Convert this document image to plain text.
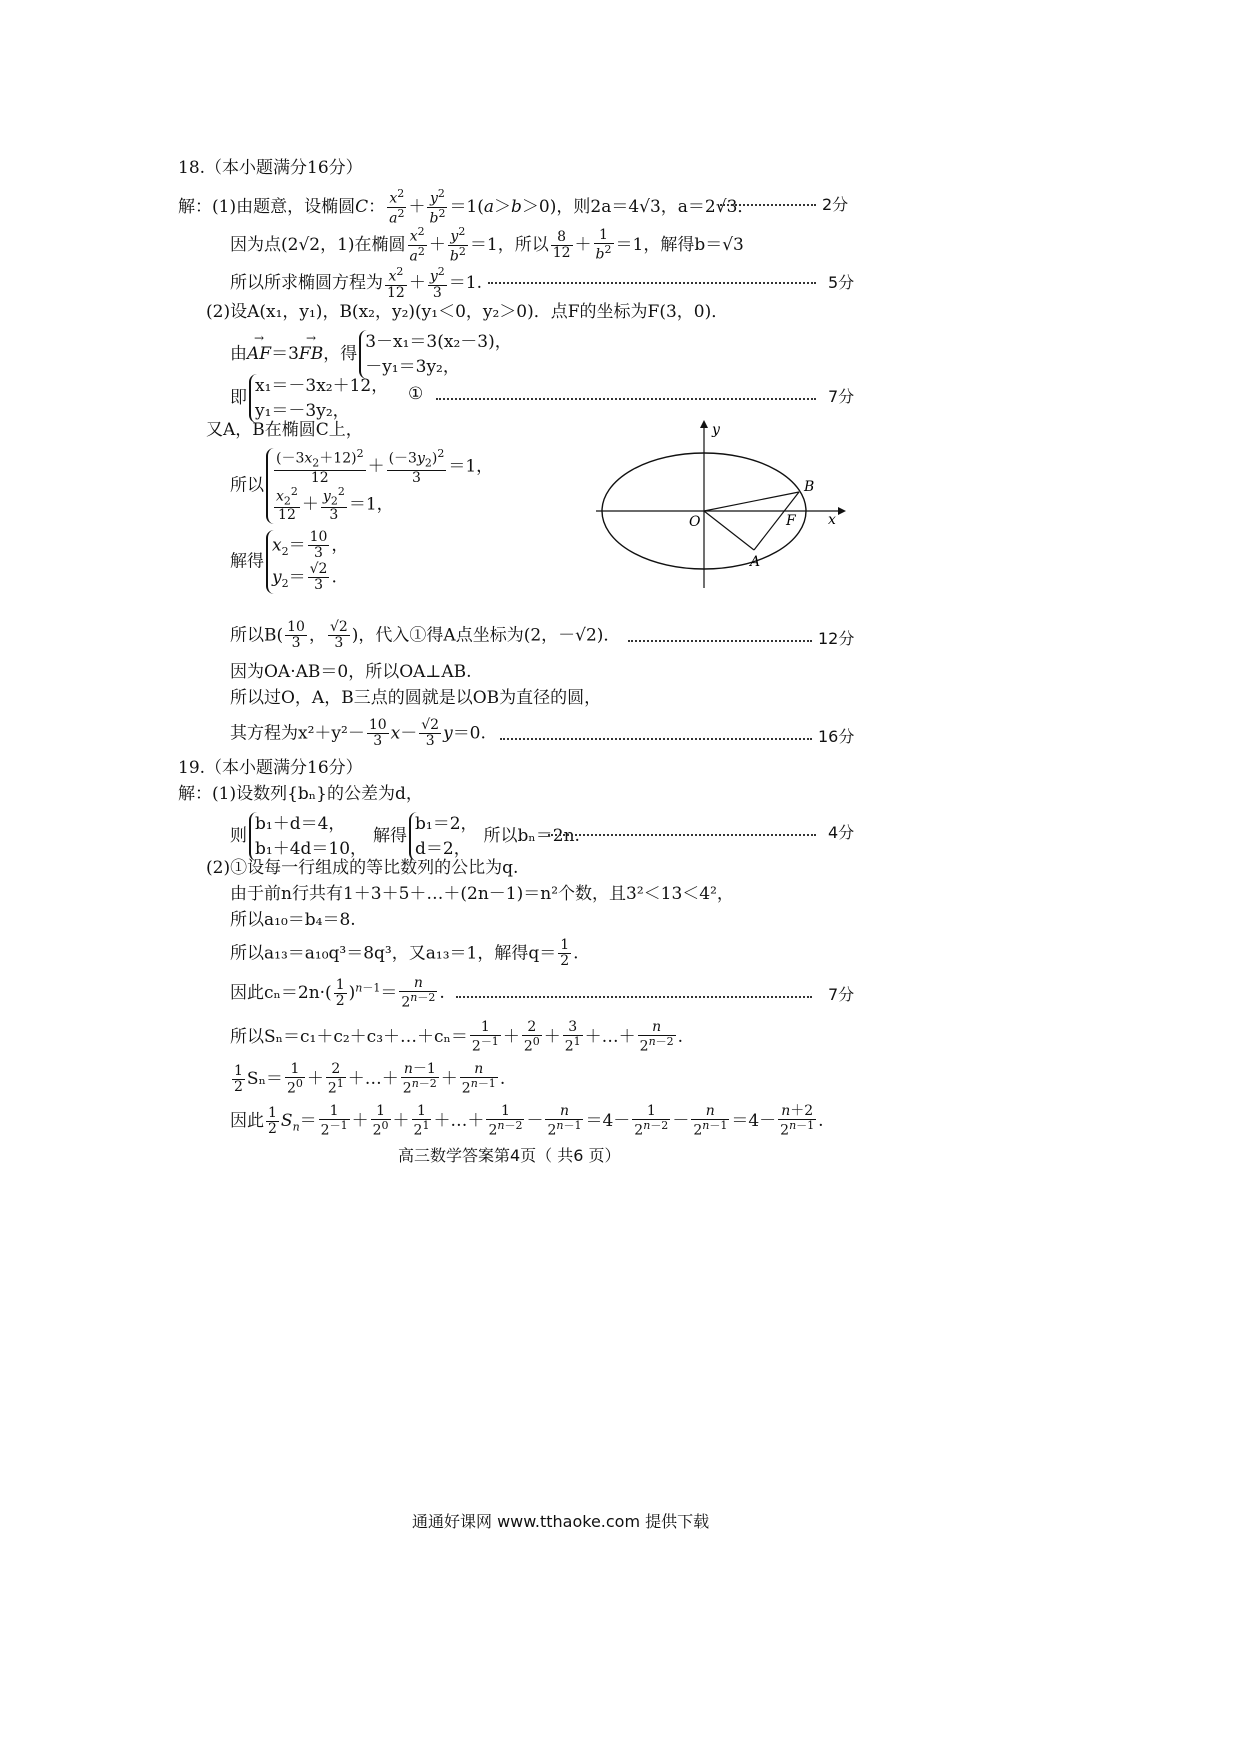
18.（本小题满分16分）
解：(1)由题意，设椭圆C： $\frac{x^2}{a^2} + \frac{y^2}{b^2} =1(a>b>0)$，则2a＝4√3，a＝2√3．	2分
因为点(2√2，1)在椭圆 $\frac{x^2}{a^2} + \frac{y^2}{b^2} =1$，所以 $\frac{8}{12} + \frac{1}{b^2} =1$，解得b＝√3
所以所求椭圆方程为 $\frac{x^2}{12} + \frac{y^2}{3} =1$.	5分
(2)设A(x₁，y₁)，B(x₂，y₂)(y₁＜0，y₂＞0)．点F的坐标为F(3，0)．
由→ AF＝3→ FB，得
3－x₁＝3(x₂－3)，
－y₁＝3y₂，
即
x₁＝－3x₂＋12，
y₁＝－3y₂，
①	7分
又A，B在椭圆C上，
所以 $\frac{(-3x_2+12)^2}{12} + \frac{(-3y_2)^2}{3} =1$，
$\frac{x_2^2}{12} + \frac{y_2^2}{3} =1$，
解得
$x_2= \frac{10}{3}$ ，
$y_2= \frac{√2}{3}$ .
所以$B( \frac{10}{3}$ ， $\frac{√2}{3}$ )，代入①得A点坐标为(2，－√2)．	12分
因为OA·AB＝0，所以OA⊥AB.
所以过O，A，B三点的圆就是以OB为直径的圆，
其方程为$x^2+y^2- \frac{10}{3} x- \frac{√2}{3} y=0$.	16分
y
x
O
B
F
A
19.（本小题满分16分）
解：(1)设数列{bₙ}的公差为d，
则
b₁＋d＝4，
b₁＋4d＝10，
解得
b₁＝2，
d＝2，
所以bₙ＝2n.	4分
(2)①设每一行组成的等比数列的公比为q.
由于前n行共有1＋3＋5＋…＋(2n－1)＝n²个数，且3²＜13＜4²，
所以a₁₀＝b₄＝8.
所以a₁₃＝a₁₀q³＝8q³，又a₁₃＝1，解得$q= \frac{1}{2}$ .
因此$c_n=2n\cdot( \frac{1}{2} )^{n-1}= \frac{n}{2^{n-2}}$ .	7分
所以Sₙ＝c₁＋c₂＋c₃＋…＋cₙ＝ $\frac{1}{2^{-1}} + \frac{2}{2^0} + \frac{3}{2^1}$ ＋…＋ $\frac{n}{2^{n-2}}$ .
$\frac{1}{2} S_n= \frac{1}{2^0} + \frac{2}{2^1}$ ＋…＋ $\frac{n-1}{2^{n-2}} + \frac{n}{2^{n-1}}$ .
因此 $\frac{1}{2} S_n= \frac{1}{2^{-1}} + \frac{1}{2^0} + \frac{1}{2^1}$ ＋…＋ $\frac{1}{2^{n-2}} - \frac{n}{2^{n-1}} =4- \frac{1}{2^{n-2}} - \frac{n}{2^{n-1}} =4- \frac{n+2}{2^{n-1}}$ .
高三数学答案第4页（ 共6 页）
通通好课网 www.tthaoke.com 提供下载
